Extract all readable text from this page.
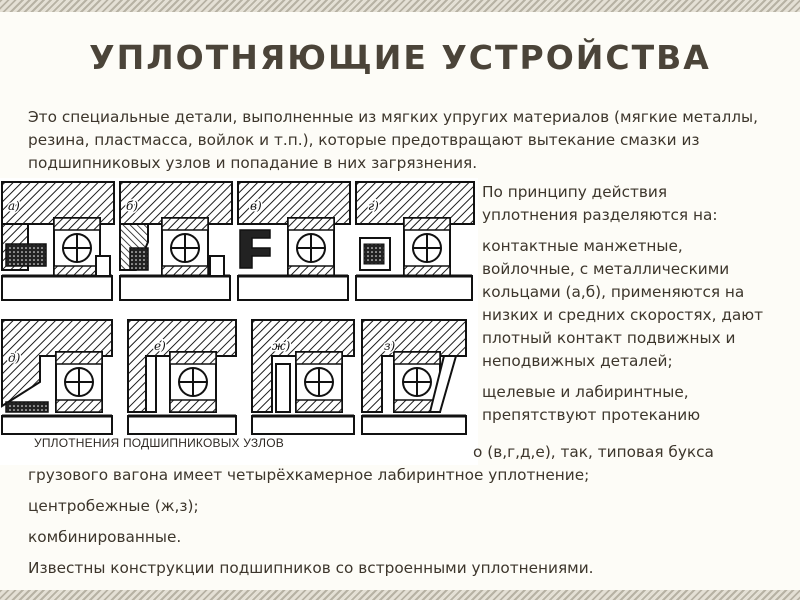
УПЛОТНЯЮЩИЕ УСТРОЙСТВА
Это специальные детали, выполненные из мягких упругих материалов (мягкие металлы, резина, пластмасса, войлок и т.п.), которые предотвращают вытекание смазки из подшипниковых узлов и попадание в них загрязнения.
а)	б)	в)	г)
д)
е)	ж)	з)
УПЛОТНЕНИЯ ПОДШИПНИКОВЫХ УЗЛОВ
По принципу действия
уплотнения разделяются на:
контактные манжетные,
войлочные, с металлическими
кольцами (а,б), применяются на
низких и средних скоростях, дают
плотный контакт подвижных и
неподвижных деталей;
щелевые и лабиринтные,
препятствуют протеканию
о (в,г,д,е), так, типовая букса
грузового вагона имеет четырёхкамерное лабиринтное уплотнение;
центробежные (ж,з);
комбинированные.
Известны конструкции подшипников со встроенными уплотнениями.
